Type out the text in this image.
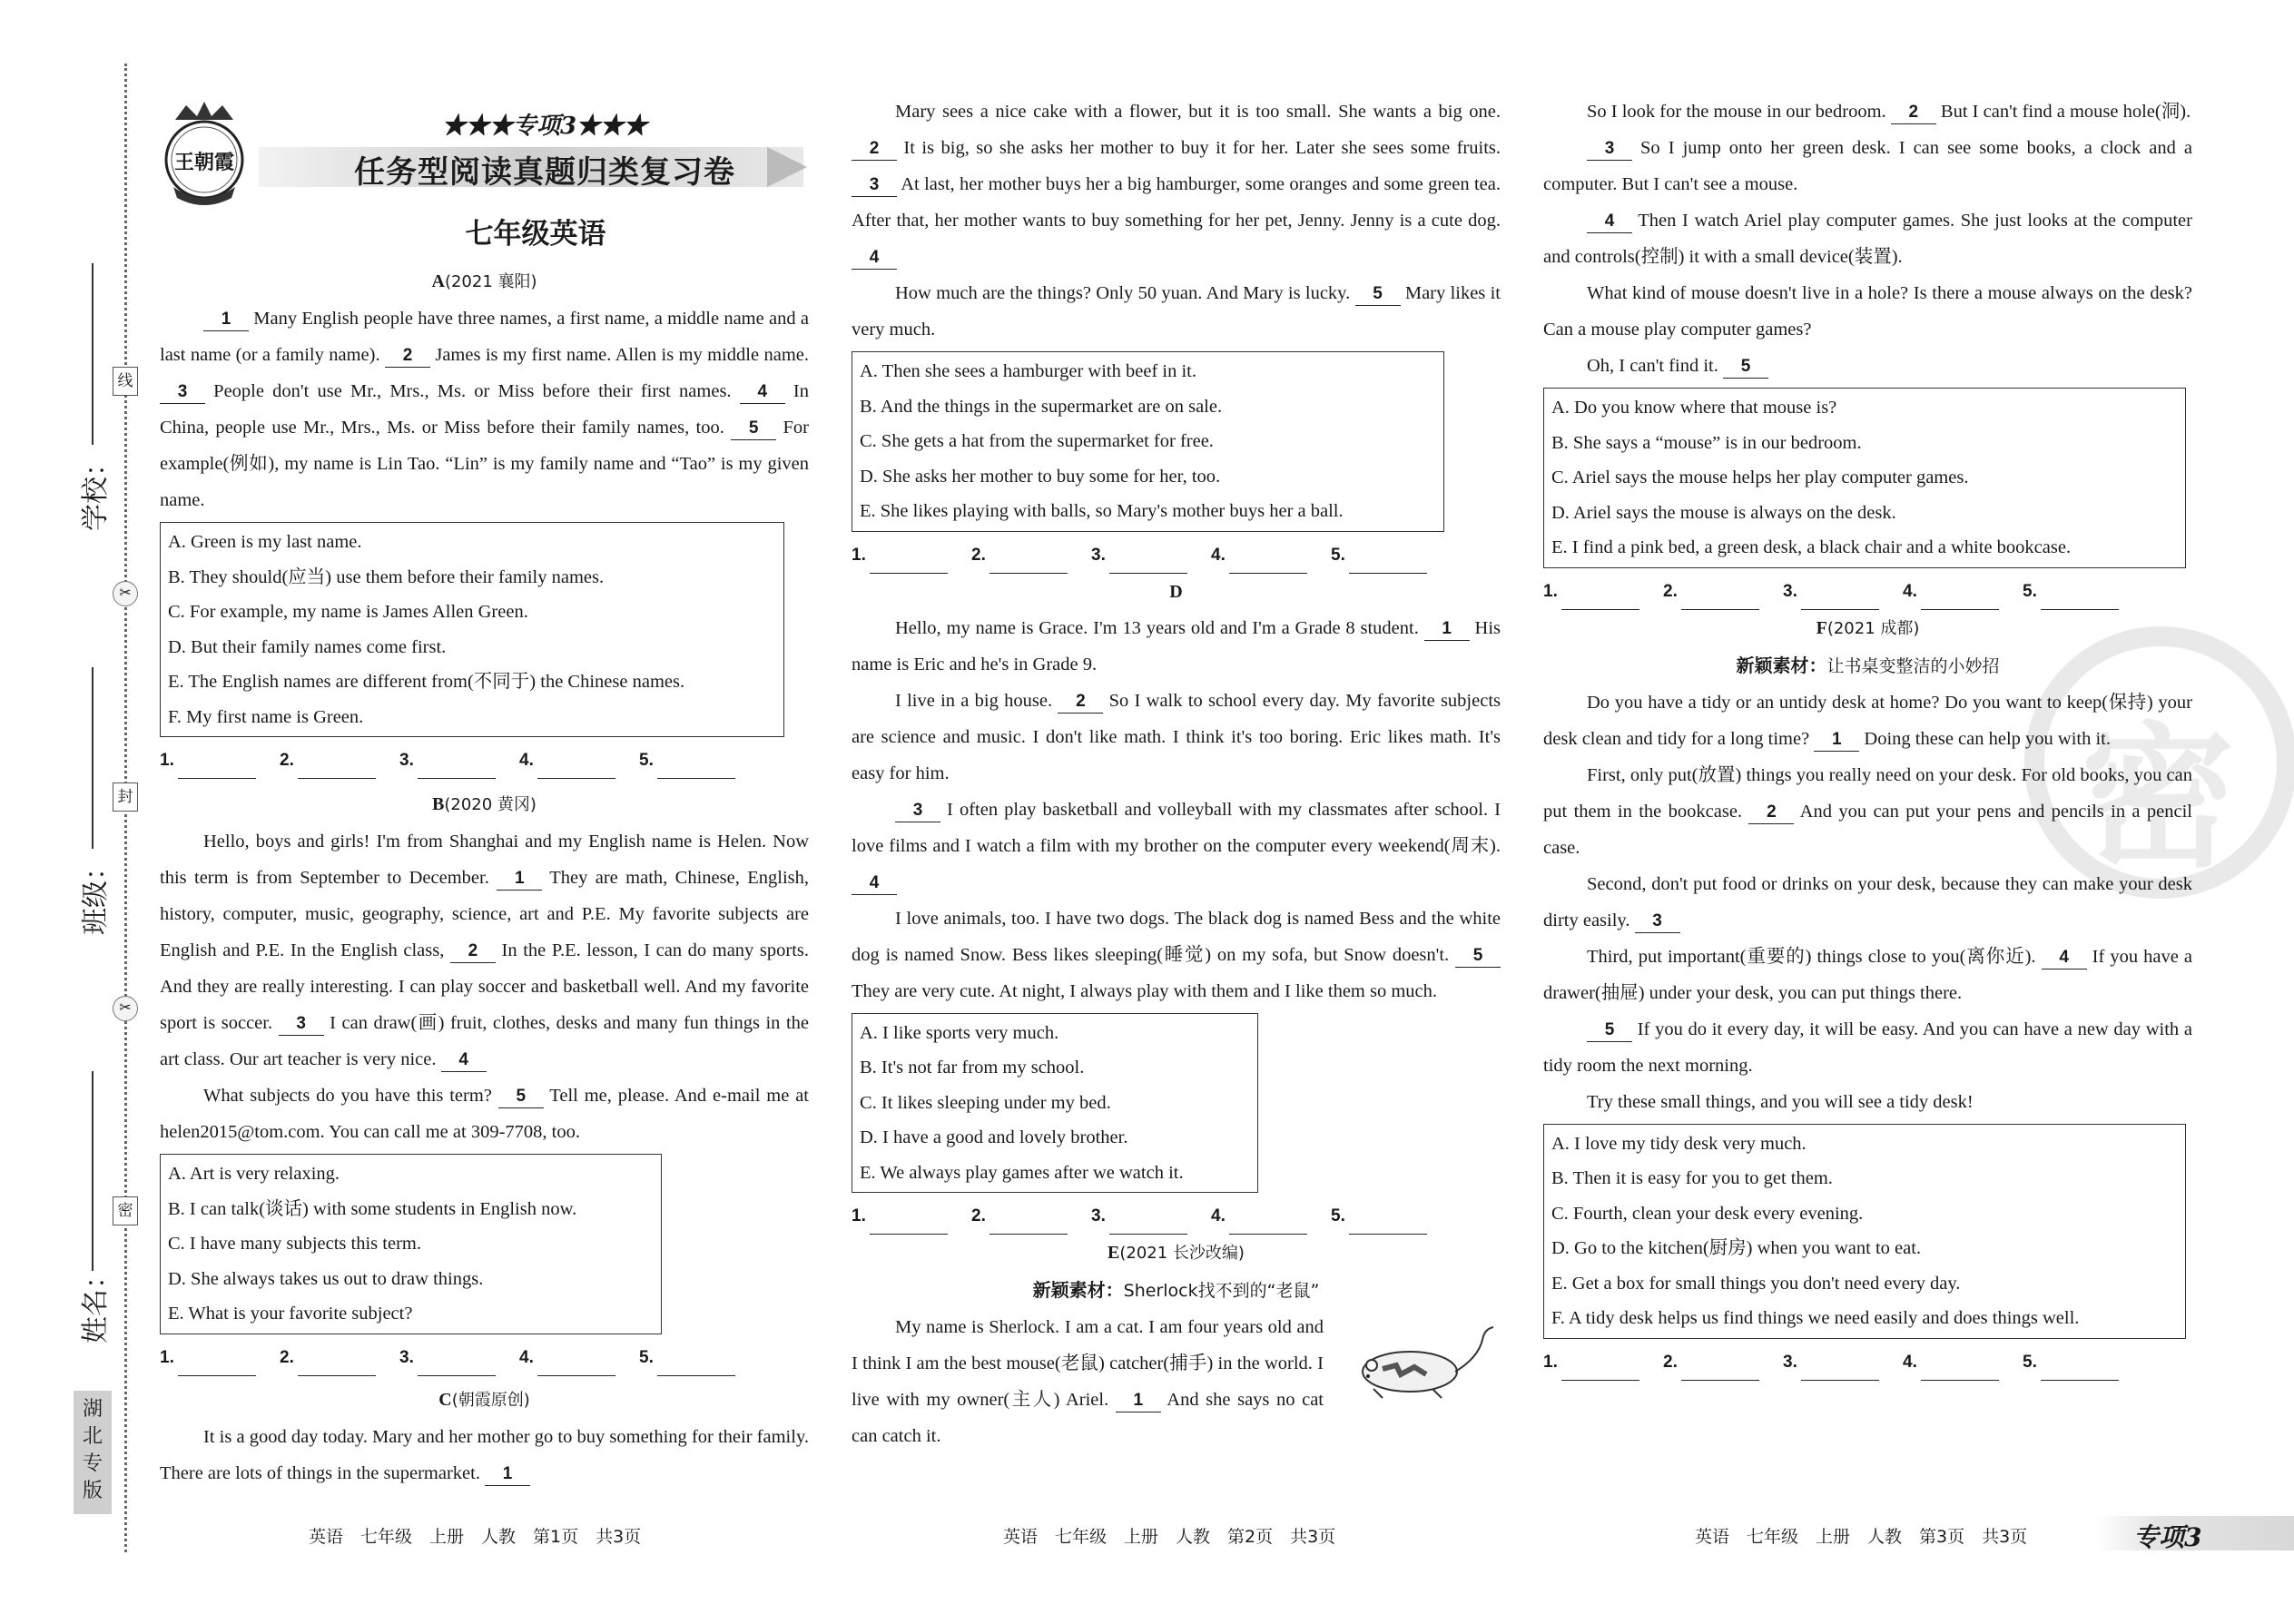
学校：
班级：
姓名：
线
✂
封
✂
密
湖
北
专
版
王朝霞
★★★专项3★★★
任务型阅读真题归类复习卷
七年级英语
密
A(2021 襄阳)

1 Many English people have three names, a first name, a middle name and a last name (or a family name). 2 James is my first name. Allen is my middle name. 3 People don't use Mr., Mrs., Ms. or Miss before their first names. 4 In China, people use Mr., Mrs., Ms. or Miss before their family names, too. 5 For example(例如), my name is Lin Tao. “Lin” is my family name and “Tao” is my given name.

A. Green is my last name.
B. They should(应当) use them before their family names.
C. For example, my name is James Allen Green.
D. But their family names come first.
E. The English names are different from(不同于) the Chinese names.
F. My first name is Green.
1.	2.	3.	4.	5.
B(2020 黄冈)

Hello, boys and girls! I'm from Shanghai and my English name is Helen. Now this term is from September to December. 1 They are math, Chinese, English, history, computer, music, geography, science, art and P.E. My favorite subjects are English and P.E. In the English class, 2 In the P.E. lesson, I can do many sports. And they are really interesting. I can play soccer and basketball well. And my favorite sport is soccer. 3 I can draw(画) fruit, clothes, desks and many fun things in the art class. Our art teacher is very nice. 4

What subjects do you have this term? 5 Tell me, please. And e-mail me at helen2015@tom.com. You can call me at 309-7708, too.

A. Art is very relaxing.
B. I can talk(谈话) with some students in English now.
C. I have many subjects this term.
D. She always takes us out to draw things.
E. What is your favorite subject?
1.	2.	3.	4.	5.
C(朝霞原创)

It is a good day today. Mary and her mother go to buy something for their family. There are lots of things in the supermarket. 1

Mary sees a nice cake with a flower, but it is too small. She wants a big one. 2 It is big, so she asks her mother to buy it for her. Later she sees some fruits. 3 At last, her mother buys her a big hamburger, some oranges and some green tea. After that, her mother wants to buy something for her pet, Jenny. Jenny is a cute dog. 4

How much are the things? Only 50 yuan. And Mary is lucky. 5 Mary likes it very much.

A. Then she sees a hamburger with beef in it.
B. And the things in the supermarket are on sale.
C. She gets a hat from the supermarket for free.
D. She asks her mother to buy some for her, too.
E. She likes playing with balls, so Mary's mother buys her a ball.
1.	2.	3.	4.	5.
D

Hello, my name is Grace. I'm 13 years old and I'm a Grade 8 student. 1 His name is Eric and he's in Grade 9.

I live in a big house. 2 So I walk to school every day. My favorite subjects are science and music. I don't like math. I think it's too boring. Eric likes math. It's easy for him.

3 I often play basketball and volleyball with my classmates after school. I love films and I watch a film with my brother on the computer every weekend(周末). 4

I love animals, too. I have two dogs. The black dog is named Bess and the white dog is named Snow. Bess likes sleeping(睡觉) on my sofa, but Snow doesn't. 5 They are very cute. At night, I always play with them and I like them so much.

A. I like sports very much.
B. It's not far from my school.
C. It likes sleeping under my bed.
D. I have a good and lovely brother.
E. We always play games after we watch it.
1.	2.	3.	4.	5.
E(2021 长沙改编)
新颖素材：Sherlock找不到的“老鼠”

My name is Sherlock. I am a cat. I am four years old and I think I am the best mouse(老鼠) catcher(捕手) in the world. I live with my owner(主人) Ariel. 1 And she says no cat can catch it.

So I look for the mouse in our bedroom. 2 But I can't find a mouse hole(洞).

3 So I jump onto her green desk. I can see some books, a clock and a computer. But I can't see a mouse.

4 Then I watch Ariel play computer games. She just looks at the computer and controls(控制) it with a small device(装置).

What kind of mouse doesn't live in a hole? Is there a mouse always on the desk? Can a mouse play computer games?

Oh, I can't find it. 5

A. Do you know where that mouse is?
B. She says a “mouse” is in our bedroom.
C. Ariel says the mouse helps her play computer games.
D. Ariel says the mouse is always on the desk.
E. I find a pink bed, a green desk, a black chair and a white bookcase.
1.	2.	3.	4.	5.
F(2021 成都)
新颖素材：让书桌变整洁的小妙招

Do you have a tidy or an untidy desk at home? Do you want to keep(保持) your desk clean and tidy for a long time? 1 Doing these can help you with it.

First, only put(放置) things you really need on your desk. For old books, you can put them in the bookcase. 2 And you can put your pens and pencils in a pencil case.

Second, don't put food or drinks on your desk, because they can make your desk dirty easily. 3

Third, put important(重要的) things close to you(离你近). 4 If you have a drawer(抽屉) under your desk, you can put things there.

5 If you do it every day, it will be easy. And you can have a new day with a tidy room the next morning.

Try these small things, and you will see a tidy desk!

A. I love my tidy desk very much.
B. Then it is easy for you to get them.
C. Fourth, clean your desk every evening.
D. Go to the kitchen(厨房) when you want to eat.
E. Get a box for small things you don't need every day.
F. A tidy desk helps us find things we need easily and does things well.
1.	2.	3.	4.	5.
英语　七年级　上册　人教　第1页　共3页	英语　七年级　上册　人教　第2页　共3页	英语　七年级　上册　人教　第3页　共3页	专项3
